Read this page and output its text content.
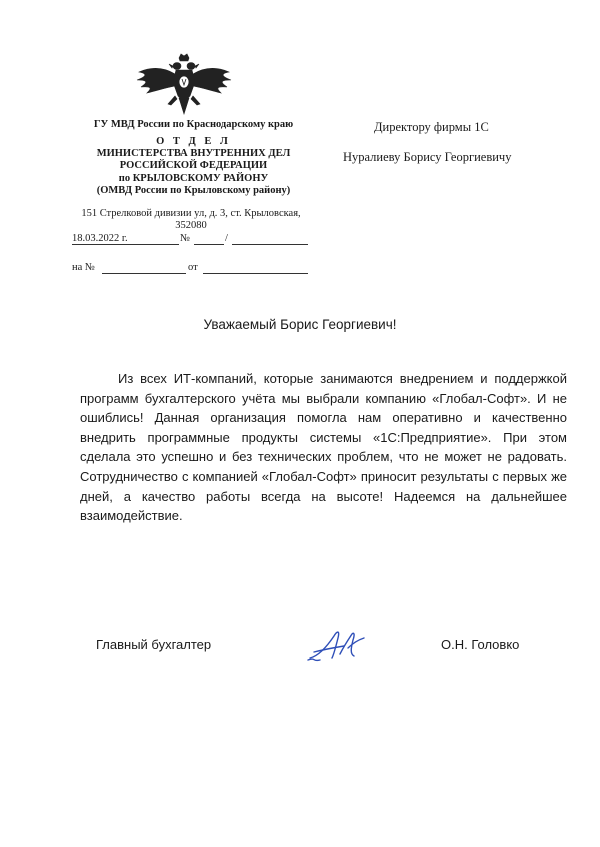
ГУ МВД России по Краснодарскому краю
О Т Д Е Л
МИНИСТЕРСТВА ВНУТРЕННИХ ДЕЛ
РОССИЙСКОЙ ФЕДЕРАЦИИ
по КРЫЛОВСКОМУ РАЙОНУ
(ОМВД России по Крыловскому району)
151 Стрелковой дивизии ул, д. 3, ст. Крыловская,
352080
18.03.2022 г.	№	/
на №	от
Директору фирмы 1С
Нуралиеву Борису Георгиевичу
Уважаемый Борис Георгиевич!
Из всех ИТ-компаний, которые занимаются внедрением и поддержкой программ бухгалтерского учёта мы выбрали компанию «Глобал-Софт». И не ошиблись! Данная организация помогла нам оперативно и качественно внедрить программные продукты системы «1С:Предприятие». При этом сделала это успешно и без технических проблем, что не может не радовать. Сотрудничество с компанией «Глобал-Софт» приносит результаты с первых же дней, а качество работы всегда на высоте! Надеемся на дальнейшее взаимодействие.
Главный бухгалтер	О.Н. Головко
